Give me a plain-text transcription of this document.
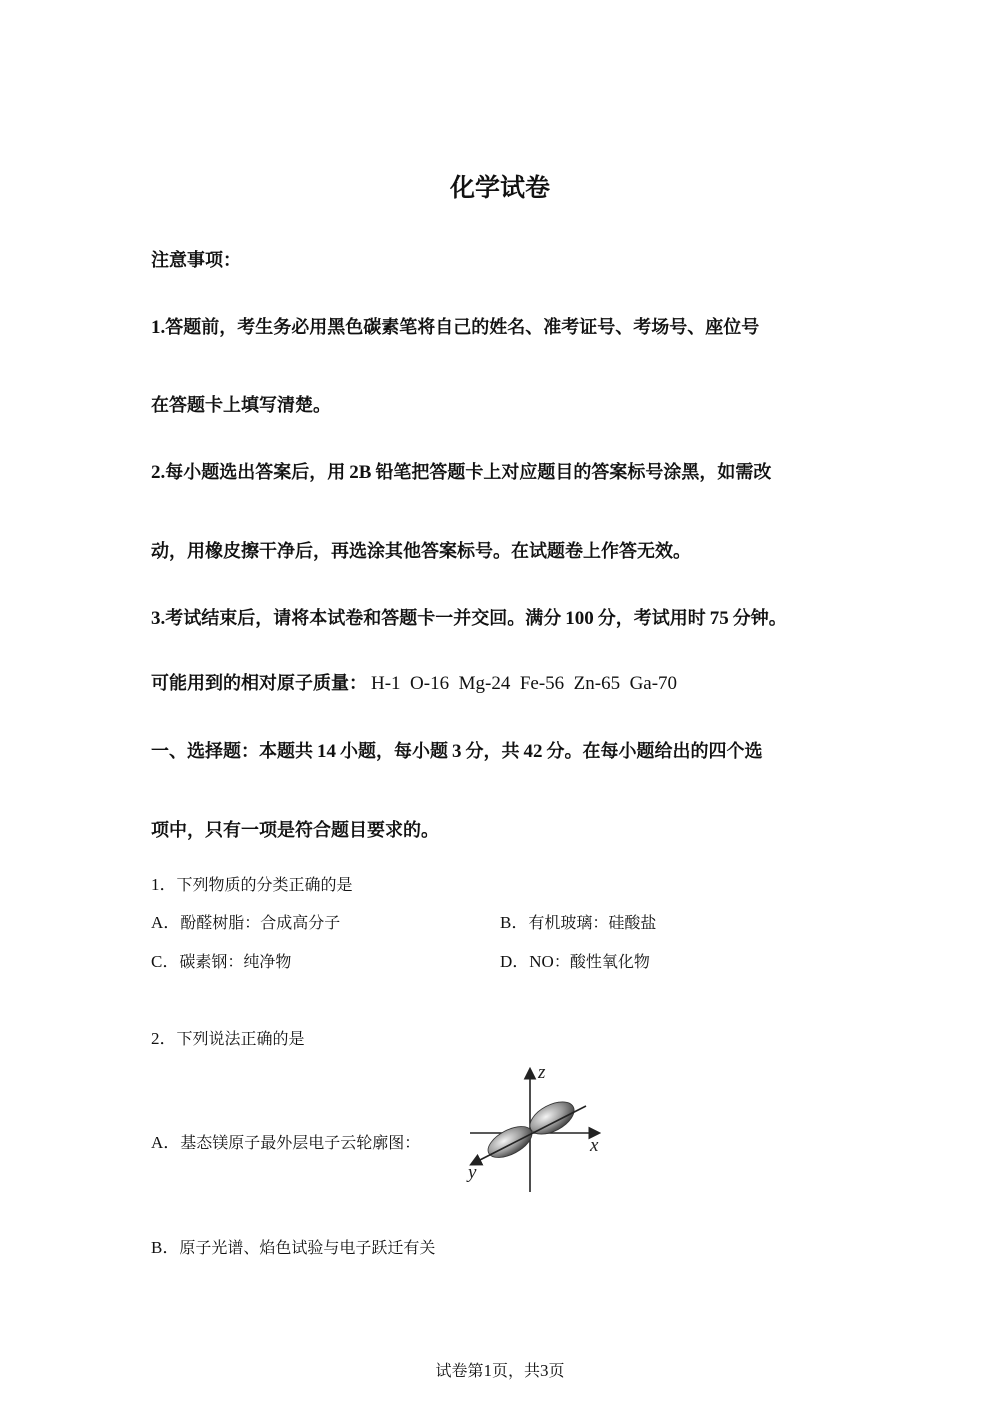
化学试卷
注意事项：
1.答题前，考生务必用黑色碳素笔将自己的姓名、准考证号、考场号、座位号
在答题卡上填写清楚。
2.每小题选出答案后，用 2B 铅笔把答题卡上对应题目的答案标号涂黑，如需改
动，用橡皮擦干净后，再选涂其他答案标号。在试题卷上作答无效。
3.考试结束后，请将本试卷和答题卡一并交回。满分 100 分，考试用时 75 分钟。
可能用到的相对原子质量： H-1  O-16  Mg-24  Fe-56  Zn-65  Ga-70
一、选择题：本题共 14 小题，每小题 3 分，共 42 分。在每小题给出的四个选
项中，只有一项是符合题目要求的。
1．下列物质的分类正确的是
A．酚醛树脂：合成高分子	B．有机玻璃：硅酸盐
C．碳素钢：纯净物	D．NO：酸性氧化物
2．下列说法正确的是
A．基态镁原子最外层电子云轮廓图：
z
x
y
B．原子光谱、焰色试验与电子跃迁有关
试卷第1页，共3页
